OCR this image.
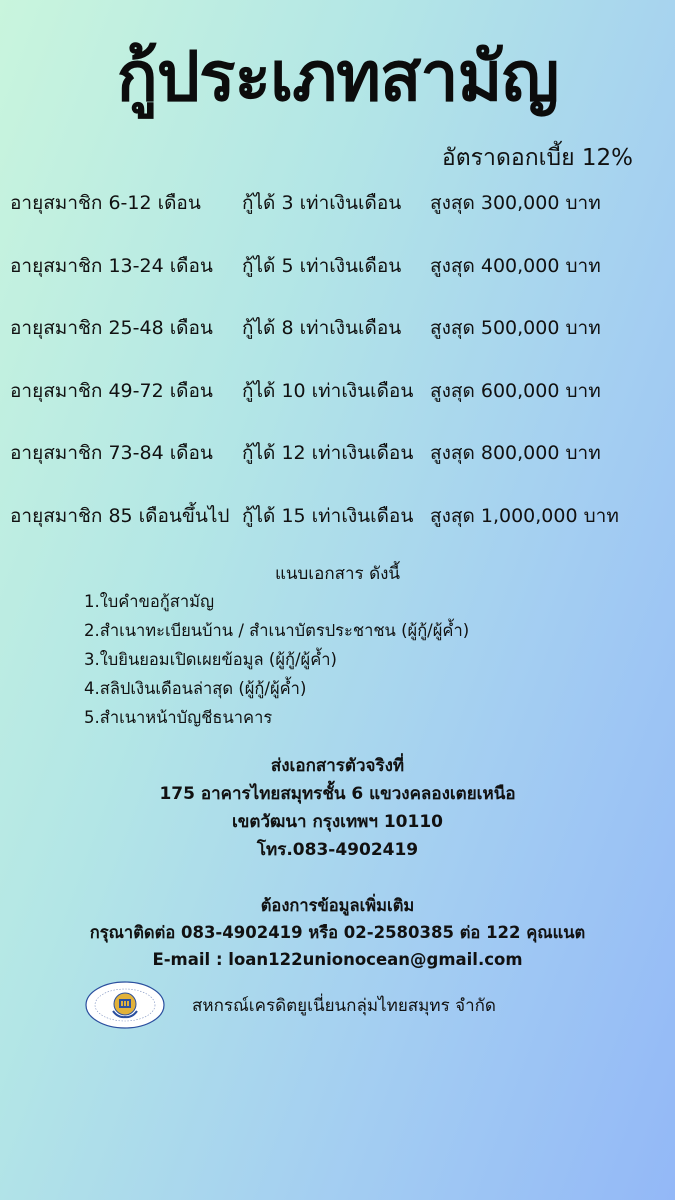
กู้ประเภทสามัญ
อัตราดอกเบี้ย 12%
อายุสมาชิก 6-12 เดือน กู้ได้ 3 เท่าเงินเดือน สูงสุด 300,000 บาท
อายุสมาชิก 13-24 เดือน กู้ได้ 5 เท่าเงินเดือน สูงสุด 400,000 บาท
อายุสมาชิก 25-48 เดือน กู้ได้ 8 เท่าเงินเดือน สูงสุด 500,000 บาท
อายุสมาชิก 49-72 เดือน กู้ได้ 10 เท่าเงินเดือน สูงสุด 600,000 บาท
อายุสมาชิก 73-84 เดือน กู้ได้ 12 เท่าเงินเดือน สูงสุด 800,000 บาท
อายุสมาชิก 85 เดือนขึ้นไป กู้ได้ 15 เท่าเงินเดือน สูงสุด 1,000,000 บาท
แนบเอกสาร ดังนี้
1.ใบคำขอกู้สามัญ
2.สำเนาทะเบียนบ้าน / สำเนาบัตรประชาชน (ผู้กู้/ผู้ค้ำ)
3.ใบยินยอมเปิดเผยข้อมูล (ผู้กู้/ผู้ค้ำ)
4.สลิปเงินเดือนล่าสุด (ผู้กู้/ผู้ค้ำ)
5.สำเนาหน้าบัญชีธนาคาร
ส่งเอกสารตัวจริงที่
175 อาคารไทยสมุทรชั้น 6 แขวงคลองเตยเหนือ
เขตวัฒนา กรุงเทพฯ 10110
โทร.083-4902419
ต้องการข้อมูลเพิ่มเติม
กรุณาติดต่อ 083-4902419 หรือ 02-2580385 ต่อ 122 คุณแนต
E-mail : loan122unionocean@gmail.com
สหกรณ์เครดิตยูเนี่ยนกลุ่มไทยสมุทร จำกัด
